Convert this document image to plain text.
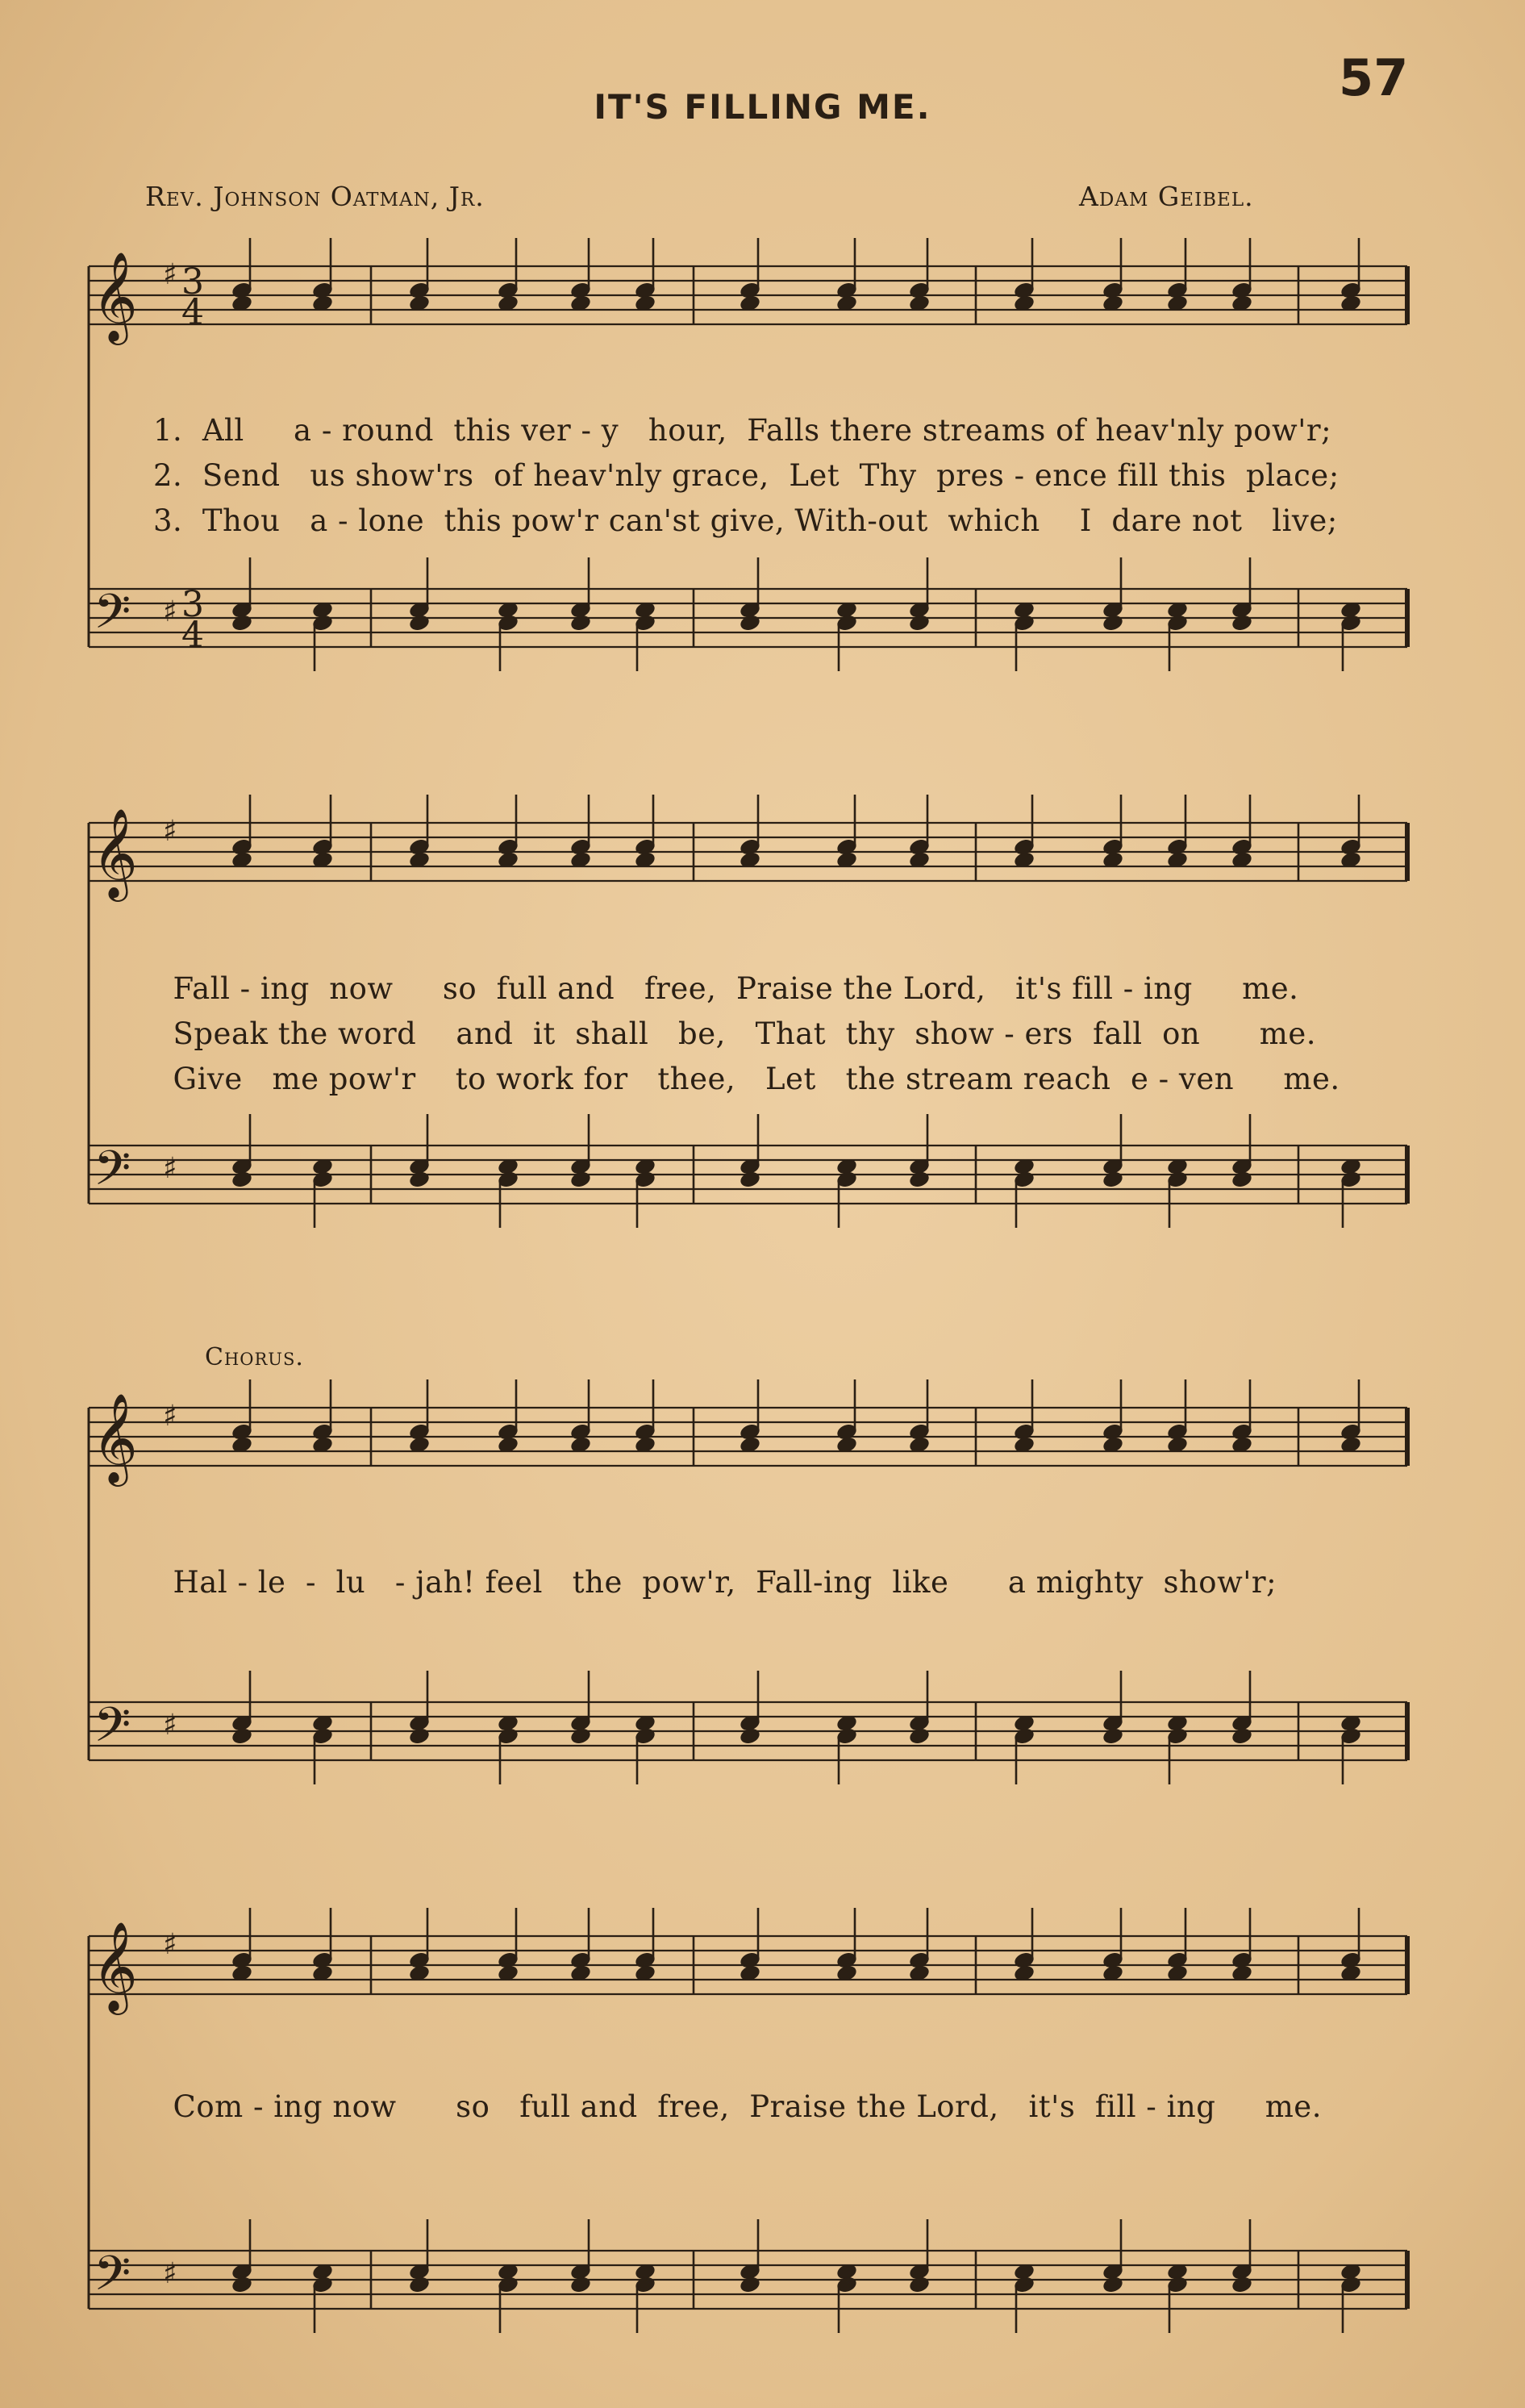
57
IT'S FILLING ME.
Rev. Johnson Oatman, Jr.	Adam Geibel.
Chorus.
𝄞
𝄢
♯
♯
3
4
3
4
𝄞
𝄢
♯
♯
𝄞
𝄢
♯
♯
𝄞
𝄢
♯
♯
1.  All     a - round  this ver - y   hour,  Falls there streams of heav'nly pow'r;
2.  Send   us show'rs  of heav'nly grace,  Let  Thy  pres - ence fill this  place;
3.  Thou   a - lone  this pow'r can'st give, With-out  which    I  dare not   live;
Fall - ing  now     so  full and   free,  Praise the Lord,   it's fill - ing     me.
Speak the word    and  it  shall   be,   That  thy  show - ers  fall  on      me.
Give   me pow'r    to work for   thee,   Let   the stream reach  e - ven     me.
Hal - le  -  lu   - jah! feel   the  pow'r,  Fall-ing  like      a mighty  show'r;
Com - ing now      so   full and  free,  Praise the Lord,   it's  fill - ing     me.
